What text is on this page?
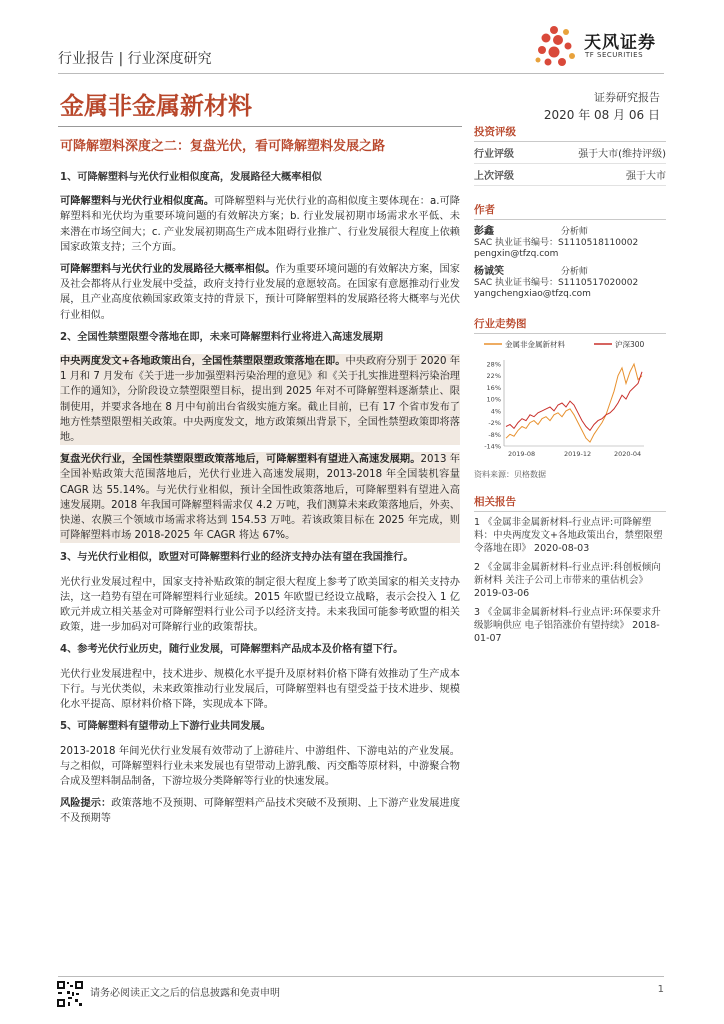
行业报告 | 行业深度研究
天风证券
TF SECURITIES
金属非金属新材料	证券研究报告
2020 年 08 月 06 日
可降解塑料深度之二：复盘光伏，看可降解塑料发展之路

1、可降解塑料与光伏行业相似度高，发展路径大概率相似

可降解塑料与光伏行业相似度高。可降解塑料与光伏行业的高相似度主要体现在：a.可降解塑料和光伏均为重要环境问题的有效解决方案；b. 行业发展初期市场需求水平低、未来潜在市场空间大；c. 产业发展初期高生产成本阻碍行业推广、行业发展很大程度上依赖国家政策支持；三个方面。

可降解塑料与光伏行业的发展路径大概率相似。作为重要环境问题的有效解决方案，国家及社会都将从行业发展中受益，政府支持行业发展的意愿较高。在国家有意愿推动行业发展，且产业高度依赖国家政策支持的背景下，预计可降解塑料的发展路径将大概率与光伏行业相似。

2、全国性禁塑限塑令落地在即，未来可降解塑料行业将进入高速发展期

中央两度发文+各地政策出台，全国性禁塑限塑政策落地在即。中央政府分别于 2020 年 1 月和 7 月发布《关于进一步加强塑料污染治理的意见》和《关于扎实推进塑料污染治理工作的通知》，分阶段设立禁塑限塑目标，提出到 2025 年对不可降解塑料逐渐禁止、限制使用，并要求各地在 8 月中旬前出台省级实施方案。截止目前，已有 17 个省市发布了地方性禁塑限塑相关政策。中央两度发文，地方政策频出背景下，全国性禁塑政策即将落地。

复盘光伏行业，全国性禁塑限塑政策落地后，可降解塑料有望进入高速发展期。2013 年全国补贴政策大范围落地后，光伏行业进入高速发展期，2013-2018 年全国装机容量 CAGR 达 55.14%。与光伏行业相似，预计全国性政策落地后，可降解塑料有望进入高速发展期。2018 年我国可降解塑料需求仅 4.2 万吨，我们测算未来政策落地后，外卖、快递、农膜三个领域市场需求将达到 154.53 万吨。若该政策目标在 2025 年完成，则可降解塑料市场 2018-2025 年 CAGR 将达 67%。

3、与光伏行业相似，欧盟对可降解塑料行业的经济支持办法有望在我国推行。

光伏行业发展过程中，国家支持补贴政策的制定很大程度上参考了欧美国家的相关支持办法，这一趋势有望在可降解塑料行业延续。2015 年欧盟已经设立战略，表示会投入 1 亿欧元并成立相关基金对可降解塑料行业公司予以经济支持。未来我国可能参考欧盟的相关政策，进一步加码对可降解行业的政策帮扶。

4、参考光伏行业历史，随行业发展，可降解塑料产品成本及价格有望下行。

光伏行业发展进程中，技术进步、规模化水平提升及原材料价格下降有效推动了生产成本下行。与光伏类似，未来政策推动行业发展后，可降解塑料也有望受益于技术进步、规模化水平提高、原材料价格下降，实现成本下降。

5、可降解塑料有望带动上下游行业共同发展。

2013-2018 年间光伏行业发展有效带动了上游硅片、中游组件、下游电站的产业发展。与之相似，可降解塑料行业未来发展也有望带动上游乳酸、丙交酯等原材料，中游聚合物合成及塑料制品制备，下游垃圾分类降解等行业的快速发展。

风险提示：政策落地不及预期、可降解塑料产品技术突破不及预期、上下游产业发展进度不及预期等

投资评级
行业评级	强于大市(维持评级)
上次评级	强于大市
作者
彭鑫	分析师
SAC 执业证书编号：S1110518110002
pengxin@tfzq.com
杨诚笑	分析师
SAC 执业证书编号：S1110517020002
yangchengxiao@tfzq.com
行业走势图
金属非金属新材料	沪深300
28%
22%
16%
10%
4%
-2%
-8%
-14%
2019-08	2019-12	2020-04
资料来源：贝格数据
相关报告
1 《金属非金属新材料-行业点评:可降解塑料：中央两度发文+各地政策出台，禁塑限塑令落地在即》 2020-08-03
2 《金属非金属新材料-行业点评:科创板倾向新材料 关注子公司上市带来的重估机会》 2019-03-06
3 《金属非金属新材料-行业点评:环保要求升级影响供应 电子铝箔涨价有望持续》 2018-01-07
请务必阅读正文之后的信息披露和免责申明	1
